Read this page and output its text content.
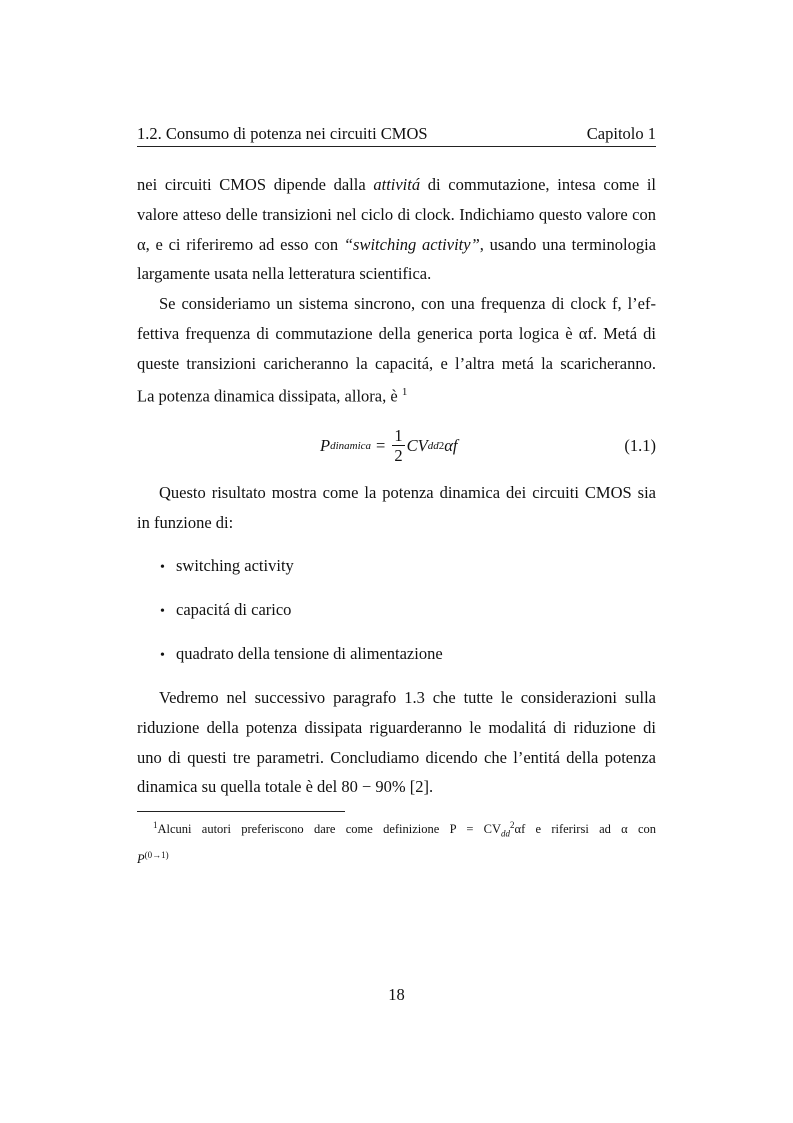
1.2. Consumo di potenza nei circuiti CMOS	Capitolo 1
nei circuiti CMOS dipende dalla attivitá di commutazione, intesa come il
valore atteso delle transizioni nel ciclo di clock. Indichiamo questo valore con
α, e ci riferiremo ad esso con “switching activity”, usando una terminologia
largamente usata nella letteratura scientifica.
Se consideriamo un sistema sincrono, con una frequenza di clock f, l’ef-
fettiva frequenza di commutazione della generica porta logica è αf. Metá di
queste transizioni caricheranno la capacitá, e l’altra metá la scaricheranno.
La potenza dinamica dissipata, allora, è $^1$
P dinamica = $\frac{1}{2}$ CV dd 2 αf	(1.1)
Questo risultato mostra come la potenza dinamica dei circuiti CMOS sia
in funzione di:
• switching activity
• capacitá di carico
• quadrato della tensione di alimentazione
Vedremo nel successivo paragrafo 1.3 che tutte le considerazioni sulla
riduzione della potenza dissipata riguarderanno le modalitá di riduzione di
uno di questi tre parametri. Concludiamo dicendo che l’entitá della potenza
dinamica su quella totale è del 80 − 90% [2].
$^1$Alcuni autori preferiscono dare come definizione $P = CV_{dd}^2\alpha f$ e riferirsi ad α con
$P^{(0\to 1)}$
18
